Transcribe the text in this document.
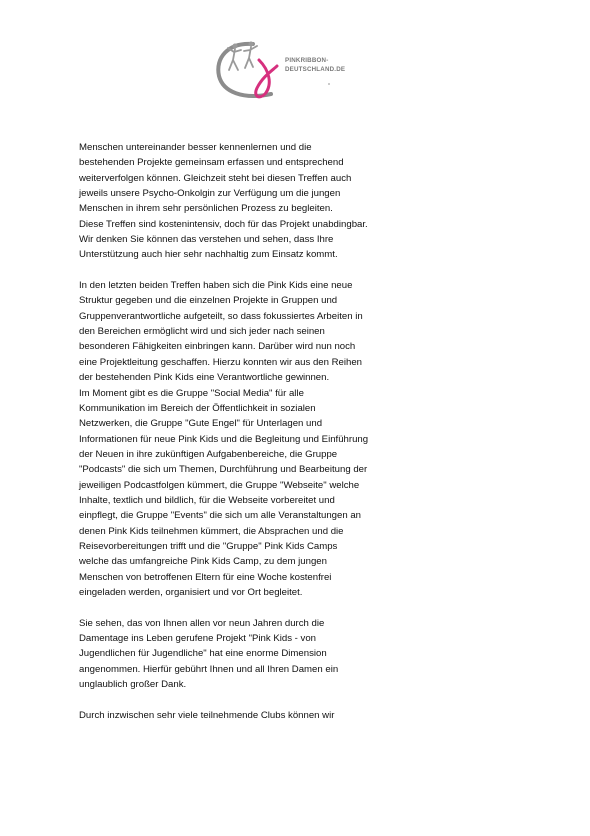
PINKRIBBON-
DEUTSCHLAND.DE

Menschen untereinander besser kennenlernen und die bestehenden Projekte gemeinsam erfassen und entsprechend weiterverfolgen können. Gleichzeit steht bei diesen Treffen auch jeweils unsere Psycho-Onkolgin zur Verfügung um die jungen Menschen in ihrem sehr persönlichen Prozess zu begleiten.

Diese Treffen sind kostenintensiv, doch für das Projekt unabdingbar. Wir denken Sie können das verstehen und sehen, dass Ihre Unterstützung auch hier sehr nachhaltig zum Einsatz kommt.

In den letzten beiden Treffen haben sich die Pink Kids eine neue Struktur gegeben und die einzelnen Projekte in Gruppen und Gruppenverantwortliche aufgeteilt, so dass fokussiertes Arbeiten in den Bereichen ermöglicht wird und sich jeder nach seinen besonderen Fähigkeiten einbringen kann. Darüber wird nun noch eine Projektleitung geschaffen. Hierzu konnten wir aus den Reihen der bestehenden Pink Kids eine Verantwortliche gewinnen.

Im Moment gibt es die Gruppe "Social Media" für alle Kommunikation im Bereich der Öffentlichkeit in sozialen Netzwerken, die Gruppe "Gute Engel" für Unterlagen und Informationen für neue Pink Kids und die Begleitung und Einführung der Neuen in ihre zukünftigen Aufgabenbereiche, die Gruppe "Podcasts" die sich um Themen, Durchführung und Bearbeitung der jeweiligen Podcastfolgen kümmert, die Gruppe "Webseite" welche Inhalte, textlich und bildlich, für die Webseite vorbereitet und einpflegt, die Gruppe "Events" die sich um alle Veranstaltungen an denen Pink Kids teilnehmen kümmert, die Absprachen und die Reisevorbereitungen trifft und die "Gruppe" Pink Kids Camps welche das umfangreiche Pink Kids Camp, zu dem jungen Menschen von betroffenen Eltern für eine Woche kostenfrei eingeladen werden, organisiert und vor Ort begleitet.

Sie sehen, das von Ihnen allen vor neun Jahren durch die Damentage ins Leben gerufene Projekt "Pink Kids - von Jugendlichen für Jugendliche" hat eine enorme Dimension angenommen. Hierfür gebührt Ihnen und all Ihren Damen ein unglaublich großer Dank.

Durch inzwischen sehr viele teilnehmende Clubs können wir
